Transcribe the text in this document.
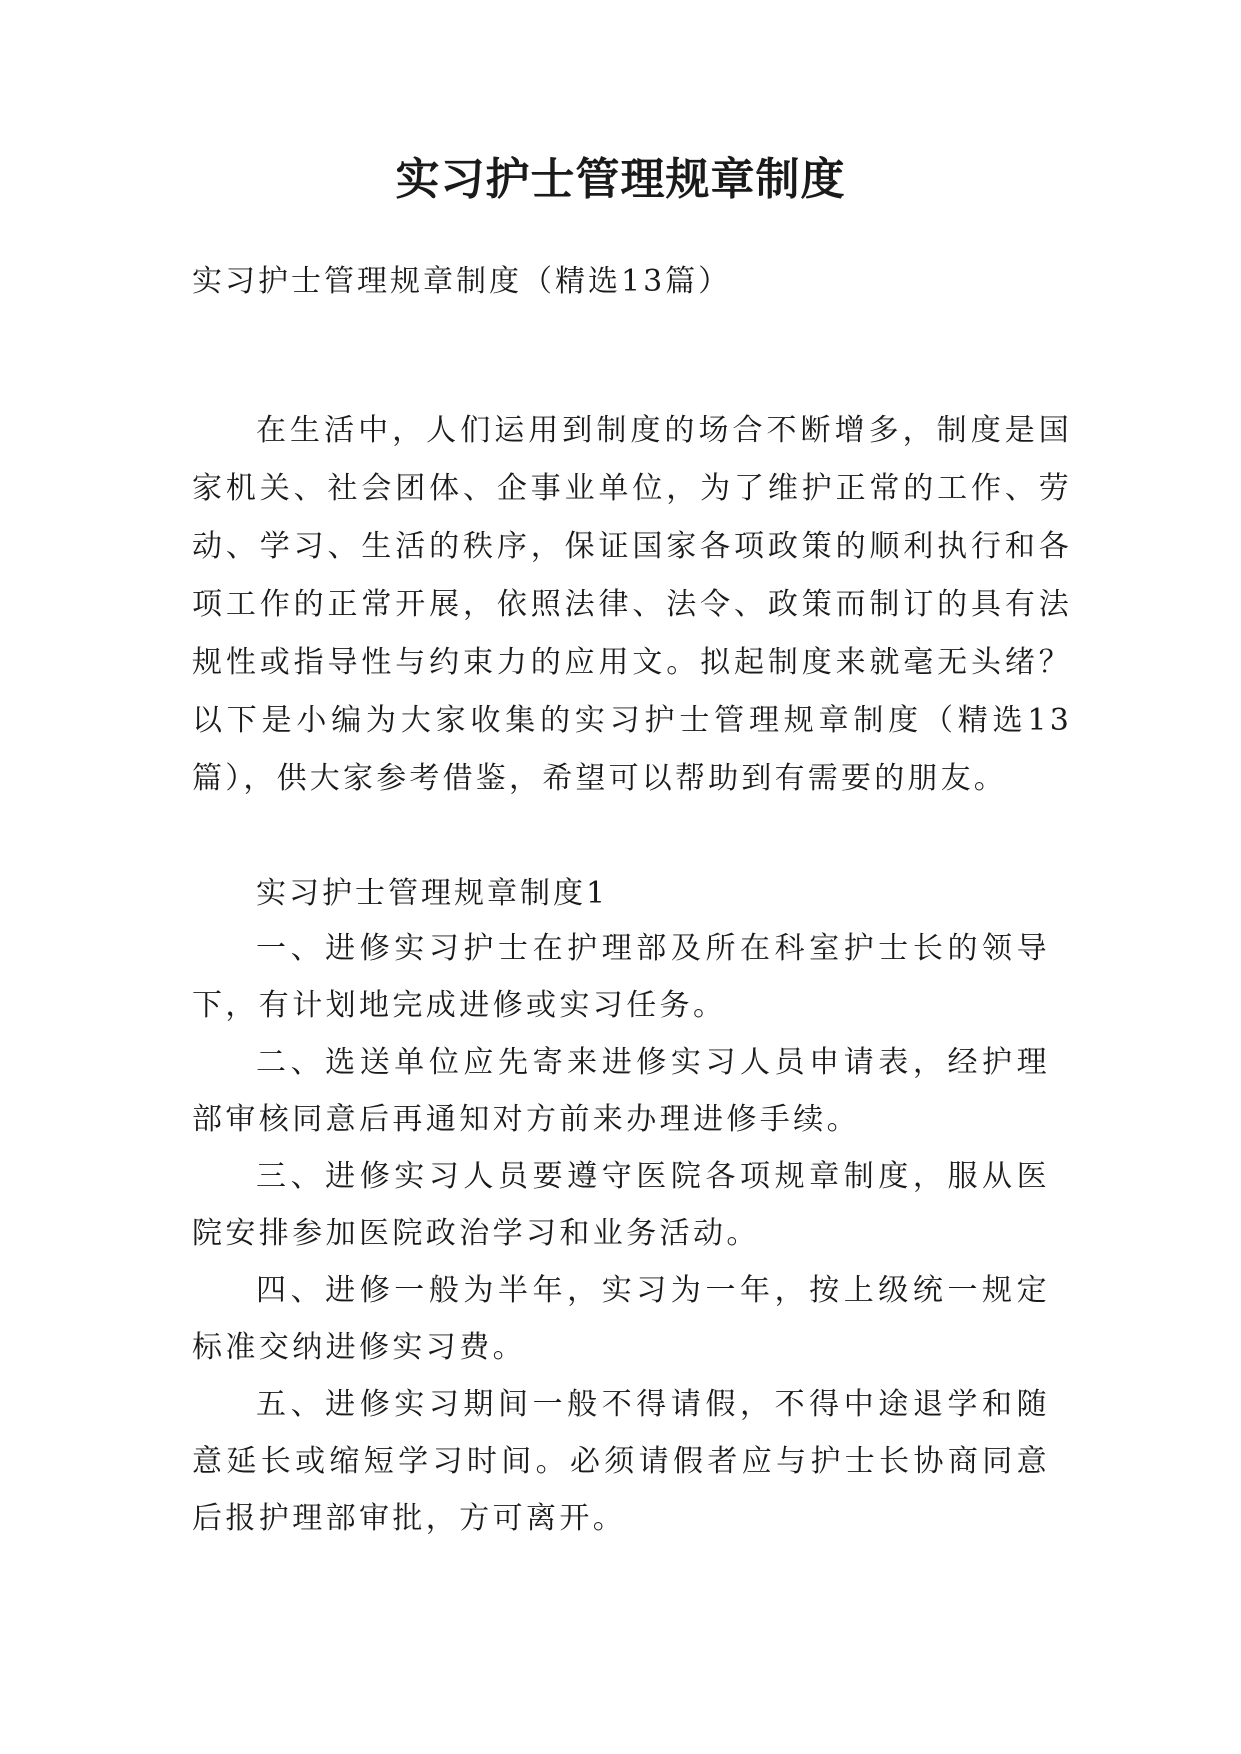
实习护士管理规章制度

实习护士管理规章制度（精选13篇）

在生活中，人们运用到制度的场合不断增多，制度是国家机关、社会团体、企事业单位，为了维护正常的工作、劳动、学习、生活的秩序，保证国家各项政策的顺利执行和各项工作的正常开展，依照法律、法令、政策而制订的具有法规性或指导性与约束力的应用文。拟起制度来就毫无头绪？以下是小编为大家收集的实习护士管理规章制度（精选13篇），供大家参考借鉴，希望可以帮助到有需要的朋友。

实习护士管理规章制度1

一、进修实习护士在护理部及所在科室护士长的领导下，有计划地完成进修或实习任务。

二、选送单位应先寄来进修实习人员申请表，经护理部审核同意后再通知对方前来办理进修手续。

三、进修实习人员要遵守医院各项规章制度，服从医院安排参加医院政治学习和业务活动。

四、进修一般为半年，实习为一年，按上级统一规定标准交纳进修实习费。

五、进修实习期间一般不得请假，不得中途退学和随意延长或缩短学习时间。必须请假者应与护士长协商同意后报护理部审批，方可离开。
